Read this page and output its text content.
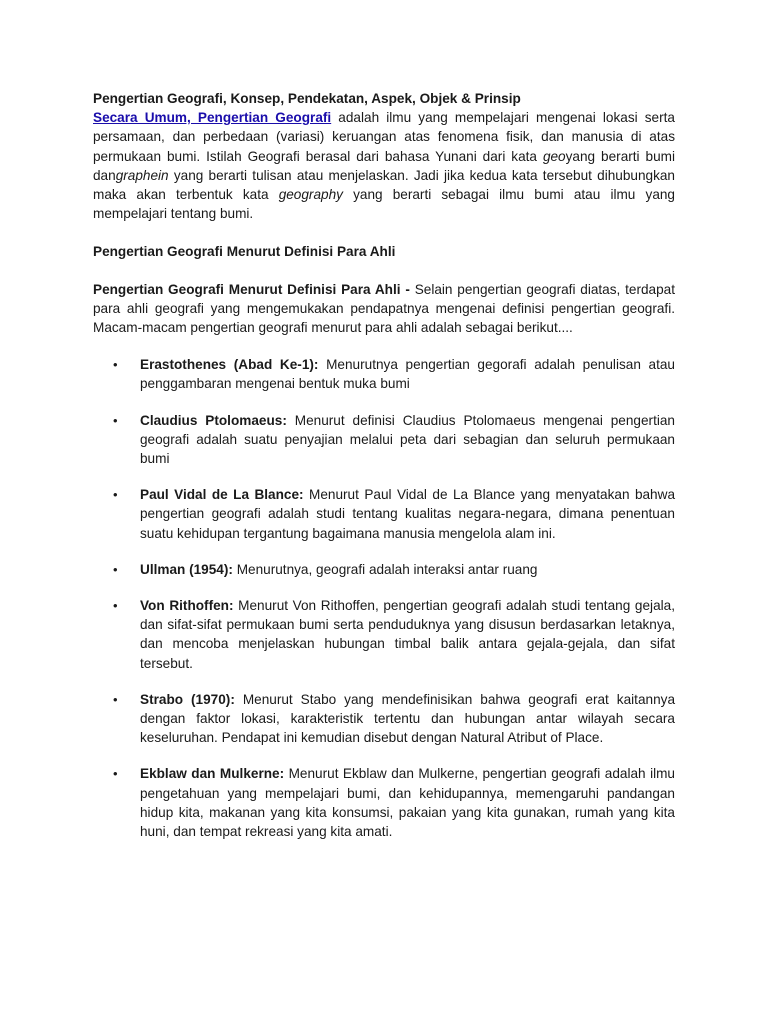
Pengertian Geografi, Konsep, Pendekatan, Aspek, Objek & Prinsip

Secara Umum, Pengertian Geografi adalah ilmu yang mempelajari mengenai lokasi serta persamaan, dan perbedaan (variasi) keruangan atas fenomena fisik, dan manusia di atas permukaan bumi. Istilah Geografi berasal dari bahasa Yunani dari kata geoyang berarti bumi dangraphein yang berarti tulisan atau menjelaskan. Jadi jika kedua kata tersebut dihubungkan maka akan terbentuk kata geography yang berarti sebagai ilmu bumi atau ilmu yang mempelajari tentang bumi.

Pengertian Geografi Menurut Definisi Para Ahli

Pengertian Geografi Menurut Definisi Para Ahli - Selain pengertian geografi diatas, terdapat para ahli geografi yang mengemukakan pendapatnya mengenai definisi pengertian geografi. Macam-macam pengertian geografi menurut para ahli adalah sebagai berikut....

• Erastothenes (Abad Ke-1): Menurutnya pengertian gegorafi adalah penulisan atau penggambaran mengenai bentuk muka bumi
• Claudius Ptolomaeus: Menurut definisi Claudius Ptolomaeus mengenai pengertian geografi adalah suatu penyajian melalui peta dari sebagian dan seluruh permukaan bumi
• Paul Vidal de La Blance: Menurut Paul Vidal de La Blance yang menyatakan bahwa pengertian geografi adalah studi tentang kualitas negara-negara, dimana penentuan suatu kehidupan tergantung bagaimana manusia mengelola alam ini.
• Ullman (1954): Menurutnya, geografi adalah interaksi antar ruang
• Von Rithoffen: Menurut Von Rithoffen, pengertian geografi adalah studi tentang gejala, dan sifat-sifat permukaan bumi serta penduduknya yang disusun berdasarkan letaknya, dan mencoba menjelaskan hubungan timbal balik antara gejala-gejala, dan sifat tersebut.
• Strabo (1970): Menurut Stabo yang mendefinisikan bahwa geografi erat kaitannya dengan faktor lokasi, karakteristik tertentu dan hubungan antar wilayah secara keseluruhan. Pendapat ini kemudian disebut dengan Natural Atribut of Place.
• Ekblaw dan Mulkerne: Menurut Ekblaw dan Mulkerne, pengertian geografi adalah ilmu pengetahuan yang mempelajari bumi, dan kehidupannya, memengaruhi pandangan hidup kita, makanan yang kita konsumsi, pakaian yang kita gunakan, rumah yang kita huni, dan tempat rekreasi yang kita amati.
